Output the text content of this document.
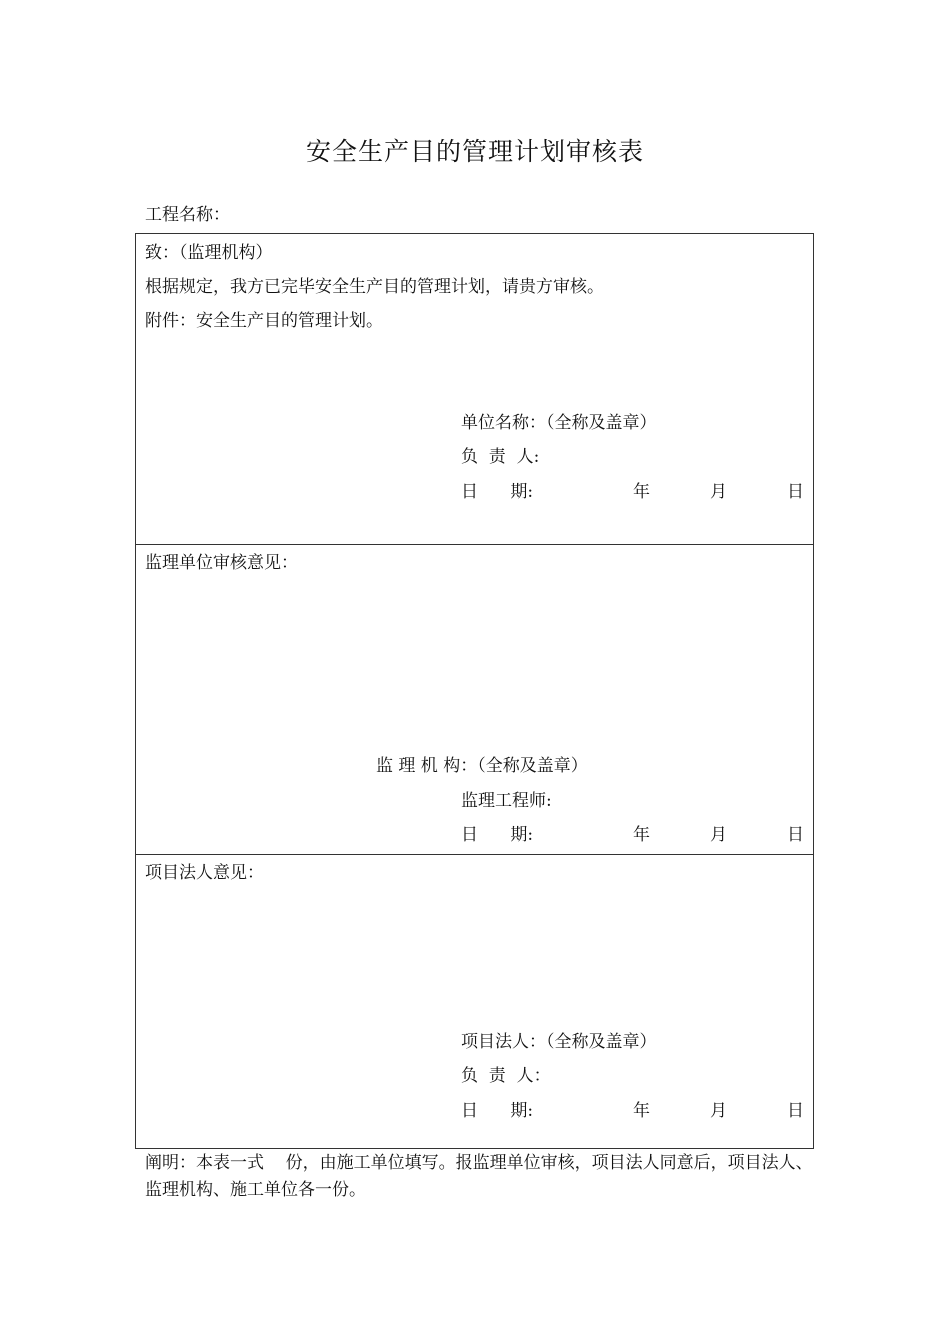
安全生产目的管理计划审核表
工程名称：
致：（监理机构）
根据规定，我方已完毕安全生产目的管理计划，请贵方审核。
附件：安全生产目的管理计划。
单位名称：（全称及盖章）
负  责  人:
日      期:	年	月	日
监理单位审核意见：
监 理 机 构：（全称及盖章）
监理工程师:
日      期:	年	月	日
项目法人意见：
项目法人：（全称及盖章）
负  责  人：
日      期:	年	月	日
阐明：本表一式    份，由施工单位填写。报监理单位审核，项目法人同意后，项目法人、监理机构、施工单位各一份。
